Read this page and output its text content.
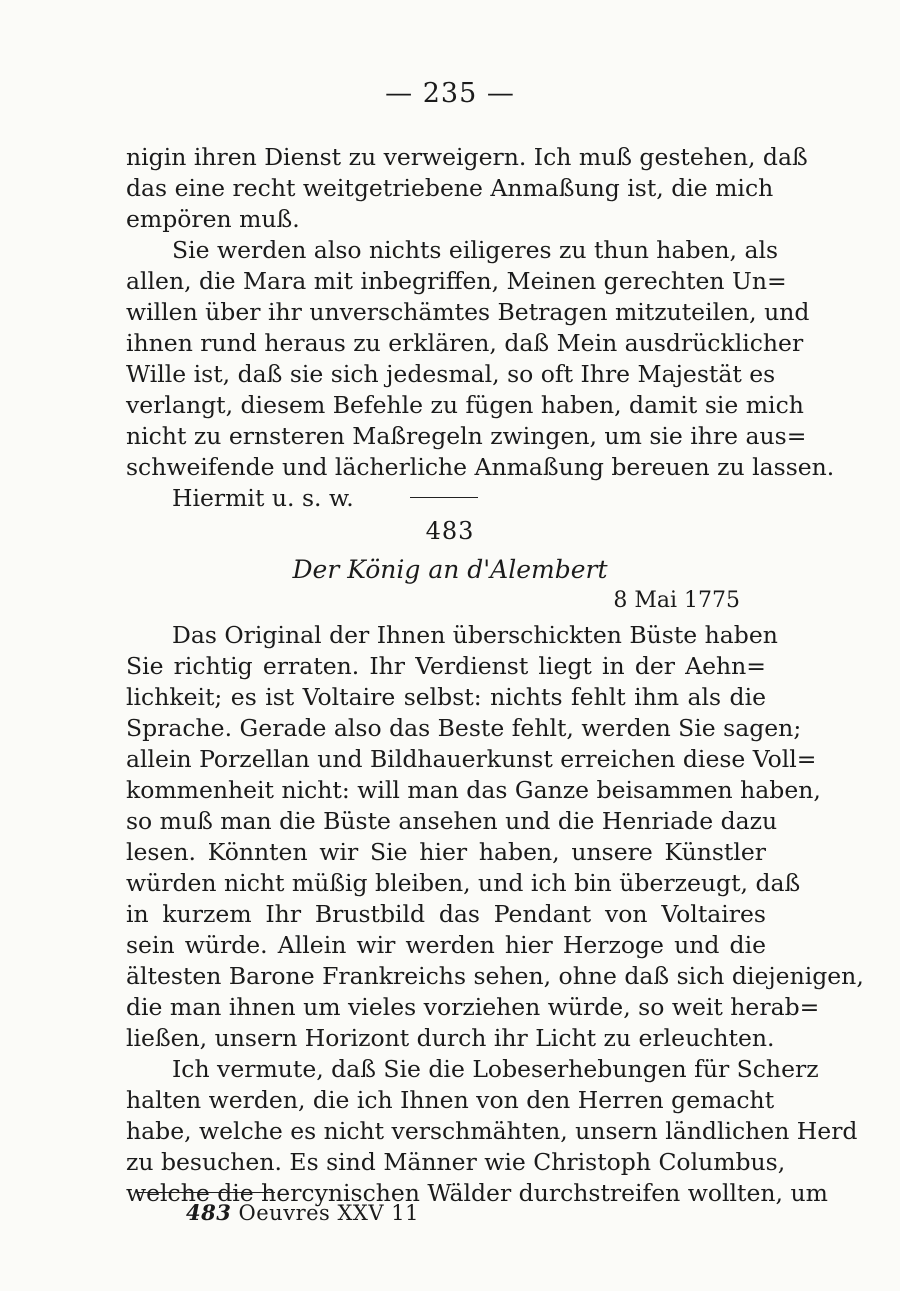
— 235 —
nigin ihren Dienst zu verweigern. Ich muß gestehen, daß
das eine recht weitgetriebene Anmaßung ist, die mich
empören muß.
Sie werden also nichts eiligeres zu thun haben, als
allen, die Mara mit inbegriffen, Meinen gerechten Un=
willen über ihr unverschämtes Betragen mitzuteilen, und
ihnen rund heraus zu erklären, daß Mein ausdrücklicher
Wille ist, daß sie sich jedesmal, so oft Ihre Majestät es
verlangt, diesem Befehle zu fügen haben, damit sie mich
nicht zu ernsteren Maßregeln zwingen, um sie ihre aus=
schweifende und lächerliche Anmaßung bereuen zu lassen.
Hiermit u. s. w.
483
Der König an d'Alembert
8 Mai 1775
Das Original der Ihnen überschickten Büste haben
Sie richtig erraten. Ihr Verdienst liegt in der Aehn=
lichkeit; es ist Voltaire selbst: nichts fehlt ihm als die
Sprache. Gerade also das Beste fehlt, werden Sie sagen;
allein Porzellan und Bildhauerkunst erreichen diese Voll=
kommenheit nicht: will man das Ganze beisammen haben,
so muß man die Büste ansehen und die Henriade dazu
lesen. Könnten wir Sie hier haben, unsere Künstler
würden nicht müßig bleiben, und ich bin überzeugt, daß
in kurzem Ihr Brustbild das Pendant von Voltaires
sein würde. Allein wir werden hier Herzoge und die
ältesten Barone Frankreichs sehen, ohne daß sich diejenigen,
die man ihnen um vieles vorziehen würde, so weit herab=
ließen, unsern Horizont durch ihr Licht zu erleuchten.
Ich vermute, daß Sie die Lobeserhebungen für Scherz
halten werden, die ich Ihnen von den Herren gemacht
habe, welche es nicht verschmähten, unsern ländlichen Herd
zu besuchen. Es sind Männer wie Christoph Columbus,
welche die hercynischen Wälder durchstreifen wollten, um
483 Oeuvres XXV 11
